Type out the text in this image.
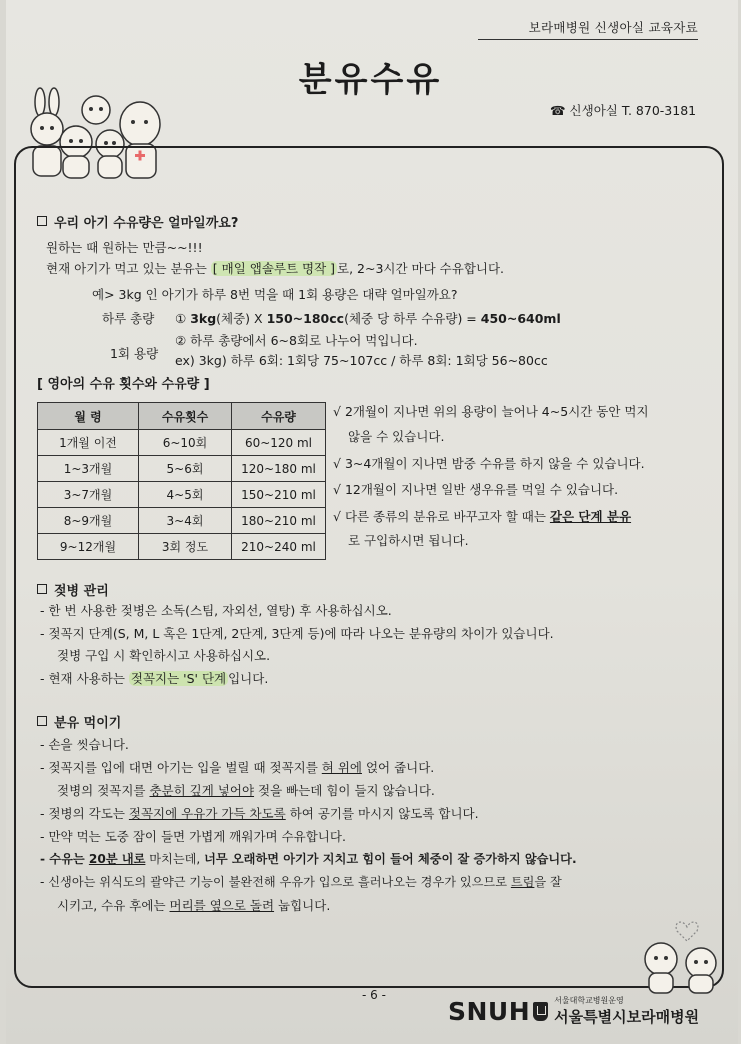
보라매병원 신생아실 교육자료
분유수유
☎ 신생아실 T. 870-3181
우리 아기 수유량은 얼마일까요?
원하는 때 원하는 만큼~~!!!
현재 아기가 먹고 있는 분유는 [ 매일 앱솔루트 명작 ] 로, 2~3시간 마다 수유합니다.
예> 3kg 인 아기가 하루 8번 먹을 때 1회 용량은 대략 얼마일까요?
하루 총량 ① 3kg(체중) X 150~180cc(체중 당 하루 수유량) = 450~640ml
② 하루 총량에서 6~8회로 나누어 먹입니다.
1회 용량 ex) 3kg) 하루 6회: 1회당 75~107cc / 하루 8회: 1회당 56~80cc
[ 영아의 수유 횟수와 수유량 ]
월 령	수유횟수	수유량
1개월 이전	6~10회	60~120 ml
1~3개월	5~6회	120~180 ml
3~7개월	4~5회	150~210 ml
8~9개월	3~4회	180~210 ml
9~12개월	3회 정도	210~240 ml
√ 2개월이 지나면 위의 용량이 늘어나 4~5시간 동안 먹지
않을 수 있습니다.
√ 3~4개월이 지나면 밤중 수유를 하지 않을 수 있습니다.
√ 12개월이 지나면 일반 생우유를 먹일 수 있습니다.
√ 다른 종류의 분유로 바꾸고자 할 때는 같은 단계 분유
로 구입하시면 됩니다.
젖병 관리
- 한 번 사용한 젖병은 소독(스팀, 자외선, 열탕) 후 사용하십시오.
- 젖꼭지 단계(S, M, L 혹은 1단계, 2단계, 3단계 등)에 따라 나오는 분유량의 차이가 있습니다.
젖병 구입 시 확인하시고 사용하십시오.
- 현재 사용하는 젖꼭지는 'S' 단계 입니다.
분유 먹이기
- 손을 씻습니다.
- 젖꼭지를 입에 대면 아기는 입을 벌릴 때 젖꼭지를 혀 위에 얹어 줍니다.
젖병의 젖꼭지를 충분히 깊게 넣어야 젖을 빠는데 힘이 들지 않습니다.
- 젖병의 각도는 젖꼭지에 우유가 가득 차도록 하여 공기를 마시지 않도록 합니다.
- 만약 먹는 도중 잠이 들면 가볍게 깨워가며 수유합니다.
- 수유는 20분 내로 마치는데, 너무 오래하면 아기가 지치고 힘이 들어 체중이 잘 증가하지 않습니다.
- 신생아는 위식도의 괄약근 기능이 불완전해 우유가 입으로 흘러나오는 경우가 있으므로 트림을 잘
시키고, 수유 후에는 머리를 옆으로 돌려 눕힙니다.
- 6 -
SNUH	서울대학교병원운영
서울특별시보라매병원
